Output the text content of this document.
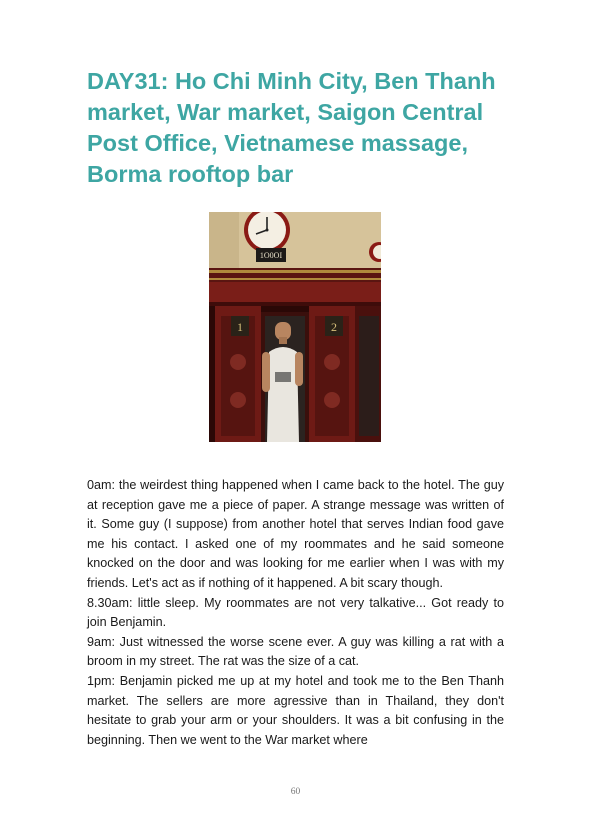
DAY31: Ho Chi Minh City, Ben Thanh market, War market, Saigon Central Post Office, Vietnamese massage, Borma rooftop bar
1O0OI
1	2

0am: the weirdest thing happened when I came back to the hotel. The guy at reception gave me a piece of paper. A strange message was written of it. Some guy (I suppose) from another hotel that serves Indian food gave me his contact. I asked one of my roommates and he said someone knocked on the door and was looking for me earlier when I was with my friends. Let's act as if nothing of it happened. A bit scary though.

8.30am: little sleep. My roommates are not very talkative... Got ready to join Benjamin.

9am: Just witnessed the worse scene ever. A guy was killing a rat with a broom in my street. The rat was the size of a cat.

1pm: Benjamin picked me up at my hotel and took me to the Ben Thanh market. The sellers are more agressive than in Thailand, they don't hesitate to grab your arm or your shoulders. It was a bit confusing in the beginning. Then we went to the War market where

60
